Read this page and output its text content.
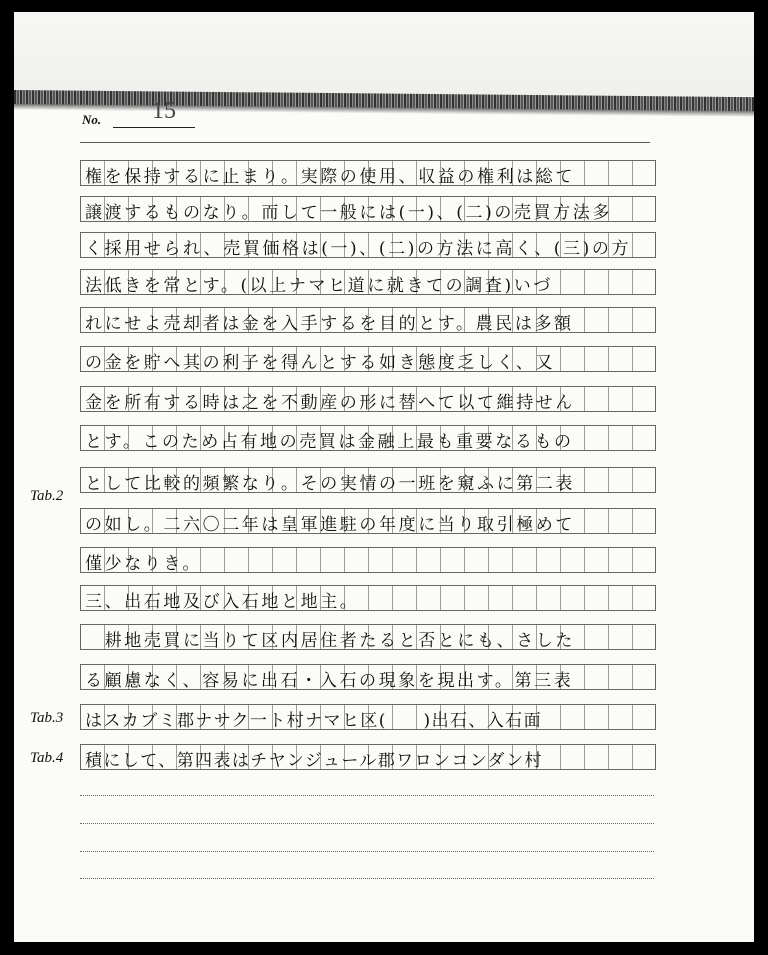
No. 15
権を保持するに止まり。実際の使用、収益の権利は総て
譲渡するものなり。而して一般には(一)、(二)の売買方法多
く採用せられ、売買価格は(一)、(二)の方法に高く、(三)の方
法低きを常とす。(以上ナマヒ道に就きての調査)いづ
れにせよ売却者は金を入手するを目的とす。農民は多額
の金を貯へ其の利子を得んとする如き態度乏しく、又
金を所有する時は之を不動産の形に替へて以て維持せん
とす。このため占有地の売買は金融上最も重要なるもの
として比較的頻繁なり。その実情の一班を窺ふに第二表
の如し。二六〇二年は皇軍進駐の年度に当り取引極めて
僅少なりき。
三、出石地及び入石地と地主。
　耕地売買に当りて区内居住者たると否とにも、さした
る顧慮なく、容易に出石・入石の現象を現出す。第三表
はスカブミ郡ナサク一ト村ナマヒ区(　　)出石、入石面
積にして、第四表はチヤンジュール郡ワロンコンダン村
Tab.2
Tab.3
Tab.4
